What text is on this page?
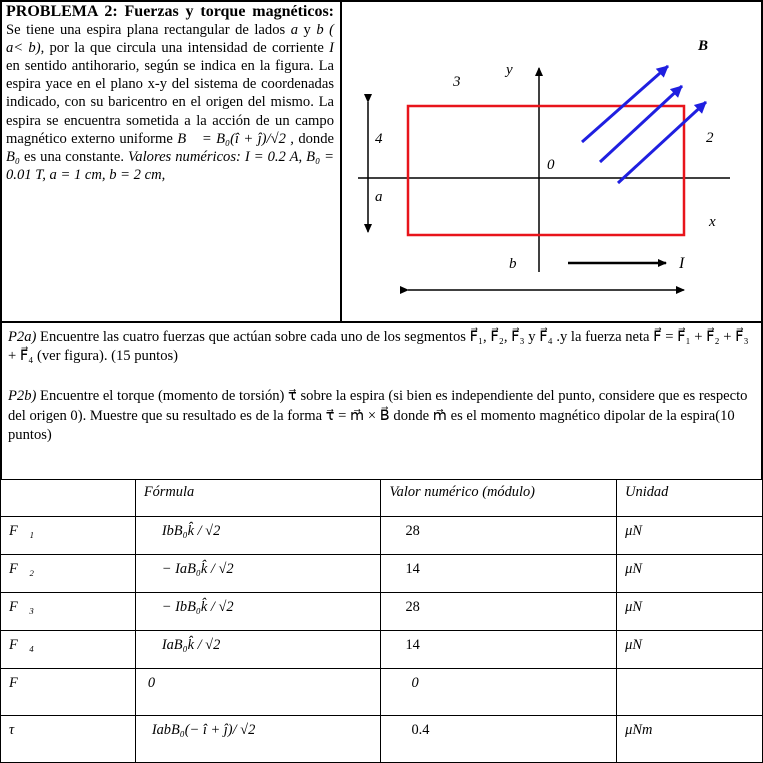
PROBLEMA 2: Fuerzas y torque magnéticos: Se tiene una espira plana rectangular de lados a y b ( a< b), por la que circula una intensidad de corriente I en sentido antihorario, según se indica en la figura. La espira yace en el plano x-y del sistema de coordenadas indicado, con su baricentro en el origen del mismo. La espira se encuentra sometida a la acción de un campo magnético externo uniforme B⃗ = B₀(î + ĵ)/√2 , donde B₀ es una constante. Valores numéricos: I = 0.2 A, B₀ = 0.01 T, a = 1 cm, b = 2 cm,
3
y
B⃗
4	2
0
a
x
b	I
P2a) Encuentre las cuatro fuerzas que actúan sobre cada uno de los segmentos F⃗₁, F⃗₂, F⃗₃ y F⃗₄ .y la fuerza neta F⃗ = F⃗₁ + F⃗₂ + F⃗₃ + F⃗₄ (ver figura). (15 puntos)
P2b) Encuentre el torque (momento de torsión) τ⃗ sobre la espira (si bien es independiente del punto, considere que es respecto del origen 0). Muestre que su resultado es de la forma τ⃗ = m⃗ × B⃗ donde m⃗ es el momento magnético dipolar de la espira(10 puntos)
	Fórmula	Valor numérico (módulo)	Unidad
F⃗₁	IbB₀k̂ / √2	28	μN
F⃗₂	− IaB₀k̂ / √2	14	μN
F⃗₃	− IbB₀k̂ / √2	28	μN
F⃗₄	IaB₀k̂ / √2	14	μN
F⃗	0	0	
τ⃗	IabB₀(− î + ĵ)/ √2	0.4	μNm
